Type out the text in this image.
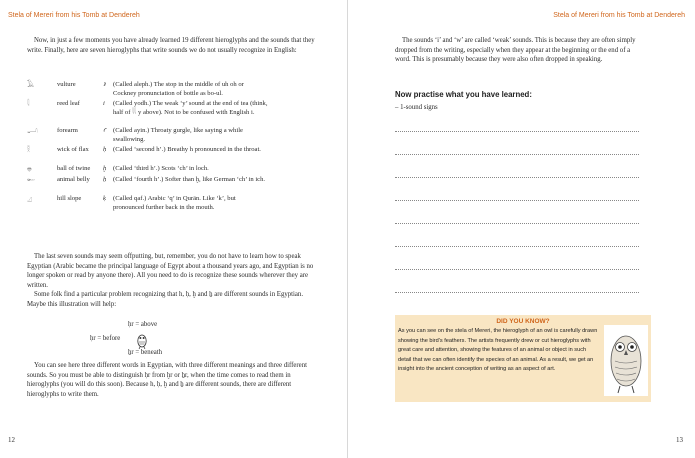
Stela of Mereri from his Tomb at Dendereh

Now, in just a few moments you have already learned 19 different hieroglyphs and the sounds that they write. Finally, here are seven hieroglyphs that write sounds we do not usually recognize in English:

𓄿	vulture	ꜣ	(Called aleph.) The stop in the middle of uh oh or Cockney pronunciation of bottle as bo-ul.
𓇋	reed leaf	i	(Called yodh.) The weak ‘y’ sound at the end of tea (think, half of 𓇌 y above). Not to be confused with English i.
𓂝	forearm	ꜥ	(Called ayin.) Throaty gurgle, like saying a while swallowing.
𓎛	wick of flax	ḥ	(Called ‘second h’.) Breathy h pronounced in the throat.
𓐍	ball of twine	ḫ	(Called ‘third h’.) Scots ‘ch’ in loch.
𓄡	animal belly	ẖ	(Called ‘fourth h’.) Softer than ḫ, like German ‘ch’ in ich.
𓈎	hill slope	ḳ	(Called qaf.) Arabic ‘q’ in Qurān. Like ‘k’, but pronounced further back in the mouth.

The last seven sounds may seem offputting, but, remember, you do not have to learn how to speak Egyptian (Arabic became the principal language of Egypt about a thousand years ago, and Egyptian is no longer spoken or read by anyone there). All you need to do is recognize these sounds wherever they are written.

Some folk find a particular problem recognizing that h, ḥ, ḫ and ẖ are different sounds in Egyptian. Maybe this illustration will help:

ḥr = above
ḥr = before
ẖr = beneath

You can see here three different words in Egyptian, with three different meanings and three different sounds. So you must be able to distinguish ḥr from ḫr or ẖr, when the time comes to read them in hieroglyphs (you will do this soon). Because h, ḥ, ḫ and ẖ are different sounds, there are different hieroglyphs to write them.

12
Stela of Mereri from his Tomb at Dendereh
13

The sounds ‘i’ and ‘w’ are called ‘weak’ sounds. This is because they are often simply dropped from the writing, especially when they appear at the beginning or the end of a word. This is presumably because they were also often dropped in speaking.

Now practise what you have learned:
– 1-sound signs
DID YOU KNOW?
As you can see on the stela of Mereri, the hieroglyph of an owl is carefully drawn showing the bird’s feathers. The artists frequently drew or cut hieroglyphs with great care and attention, showing the features of an animal or object in such detail that we can often identify the species of an animal. As a result, we get an insight into the ancient conception of writing as an aspect of art.
